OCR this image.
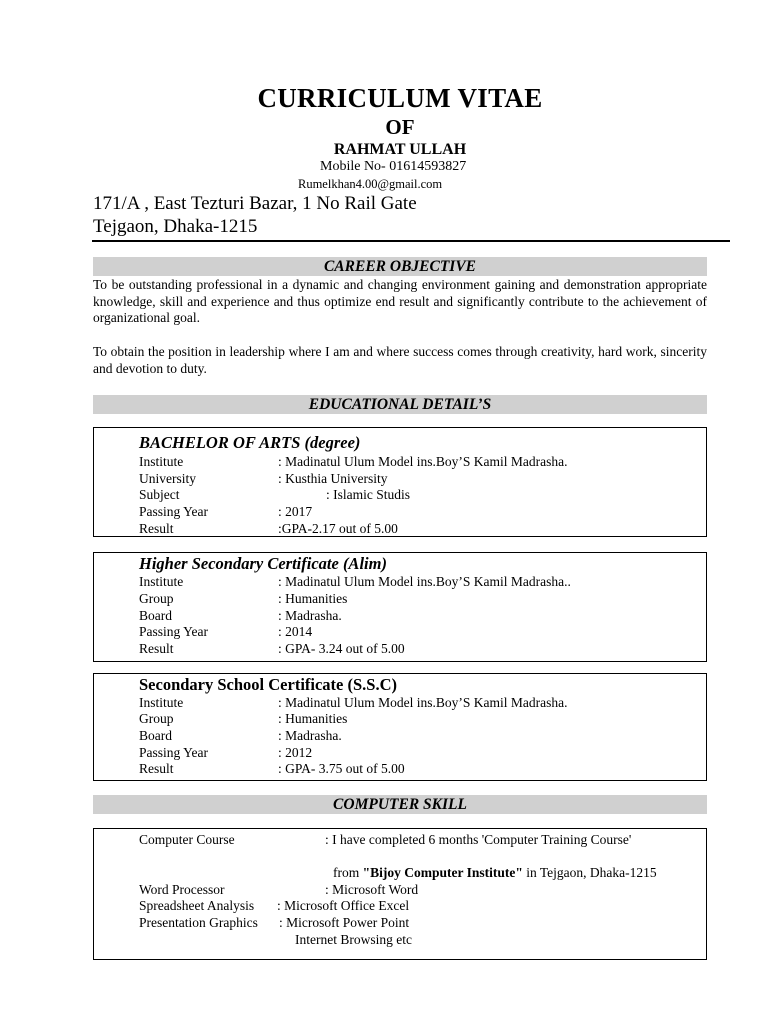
CURRICULUM VITAE
OF
RAHMAT ULLAH
Mobile No- 01614593827
Rumelkhan4.00@gmail.com
171/A , East Tezturi Bazar, 1 No Rail Gate
Tejgaon, Dhaka-1215
CAREER OBJECTIVE
To be outstanding professional in a dynamic and changing environment gaining and demonstration appropriate knowledge, skill and experience and thus optimize end result and significantly contribute to the achievement of organizational goal.
To obtain the position in leadership where I am and where success comes through creativity, hard work, sincerity and devotion to duty.
EDUCATIONAL DETAIL’S
BACHELOR OF ARTS (degree)
Institute	: Madinatul Ulum Model ins.Boy’S Kamil Madrasha.
University	: Kusthia University
Subject	: Islamic Studis
Passing Year	: 2017
Result	:GPA-2.17 out of 5.00
Higher Secondary Certificate (Alim)
Institute	: Madinatul Ulum Model ins.Boy’S Kamil Madrasha..
Group	: Humanities
Board	: Madrasha.
Passing Year	: 2014
Result	: GPA- 3.24 out of 5.00
Secondary School Certificate (S.S.C)
Institute	: Madinatul Ulum Model ins.Boy’S Kamil Madrasha.
Group	: Humanities
Board	: Madrasha.
Passing Year	: 2012
Result	: GPA- 3.75 out of 5.00
COMPUTER SKILL
Computer Course	: I have completed 6 months 'Computer Training Course'
from "Bijoy Computer Institute" in Tejgaon, Dhaka-1215
Word Processor	: Microsoft Word
Spreadsheet Analysis : Microsoft Office Excel
Presentation Graphics : Microsoft Power Point
Internet Browsing etc
